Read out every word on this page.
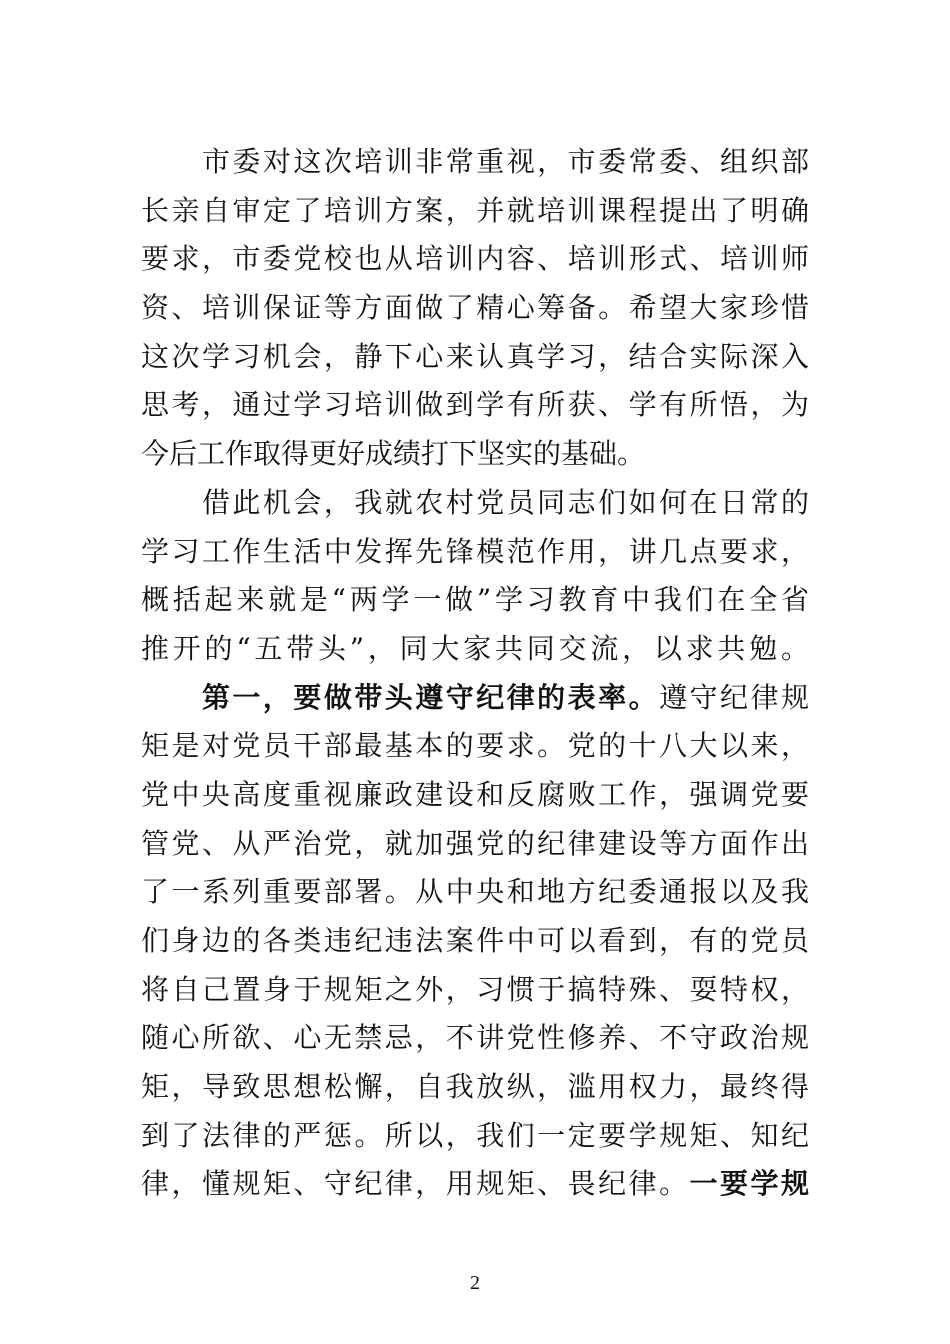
　　市委对这次培训非常重视，市委常委、组织部
长亲自审定了培训方案，并就培训课程提出了明确
要求，市委党校也从培训内容、培训形式、培训师
资、培训保证等方面做了精心筹备。希望大家珍惜
这次学习机会，静下心来认真学习，结合实际深入
思考，通过学习培训做到学有所获、学有所悟，为
今后工作取得更好成绩打下坚实的基础。
　　借此机会，我就农村党员同志们如何在日常的
学习工作生活中发挥先锋模范作用，讲几点要求，
概括起来就是“两学一做”学习教育中我们在全省
推开的“五带头”，同大家共同交流，以求共勉。
　　第一，要做带头遵守纪律的表率。遵守纪律规
矩是对党员干部最基本的要求。党的十八大以来，
党中央高度重视廉政建设和反腐败工作，强调党要
管党、从严治党，就加强党的纪律建设等方面作出
了一系列重要部署。从中央和地方纪委通报以及我
们身边的各类违纪违法案件中可以看到，有的党员
将自己置身于规矩之外，习惯于搞特殊、耍特权，
随心所欲、心无禁忌，不讲党性修养、不守政治规
矩，导致思想松懈，自我放纵，滥用权力，最终得
到了法律的严惩。所以，我们一定要学规矩、知纪
律，懂规矩、守纪律，用规矩、畏纪律。一要学规
2
